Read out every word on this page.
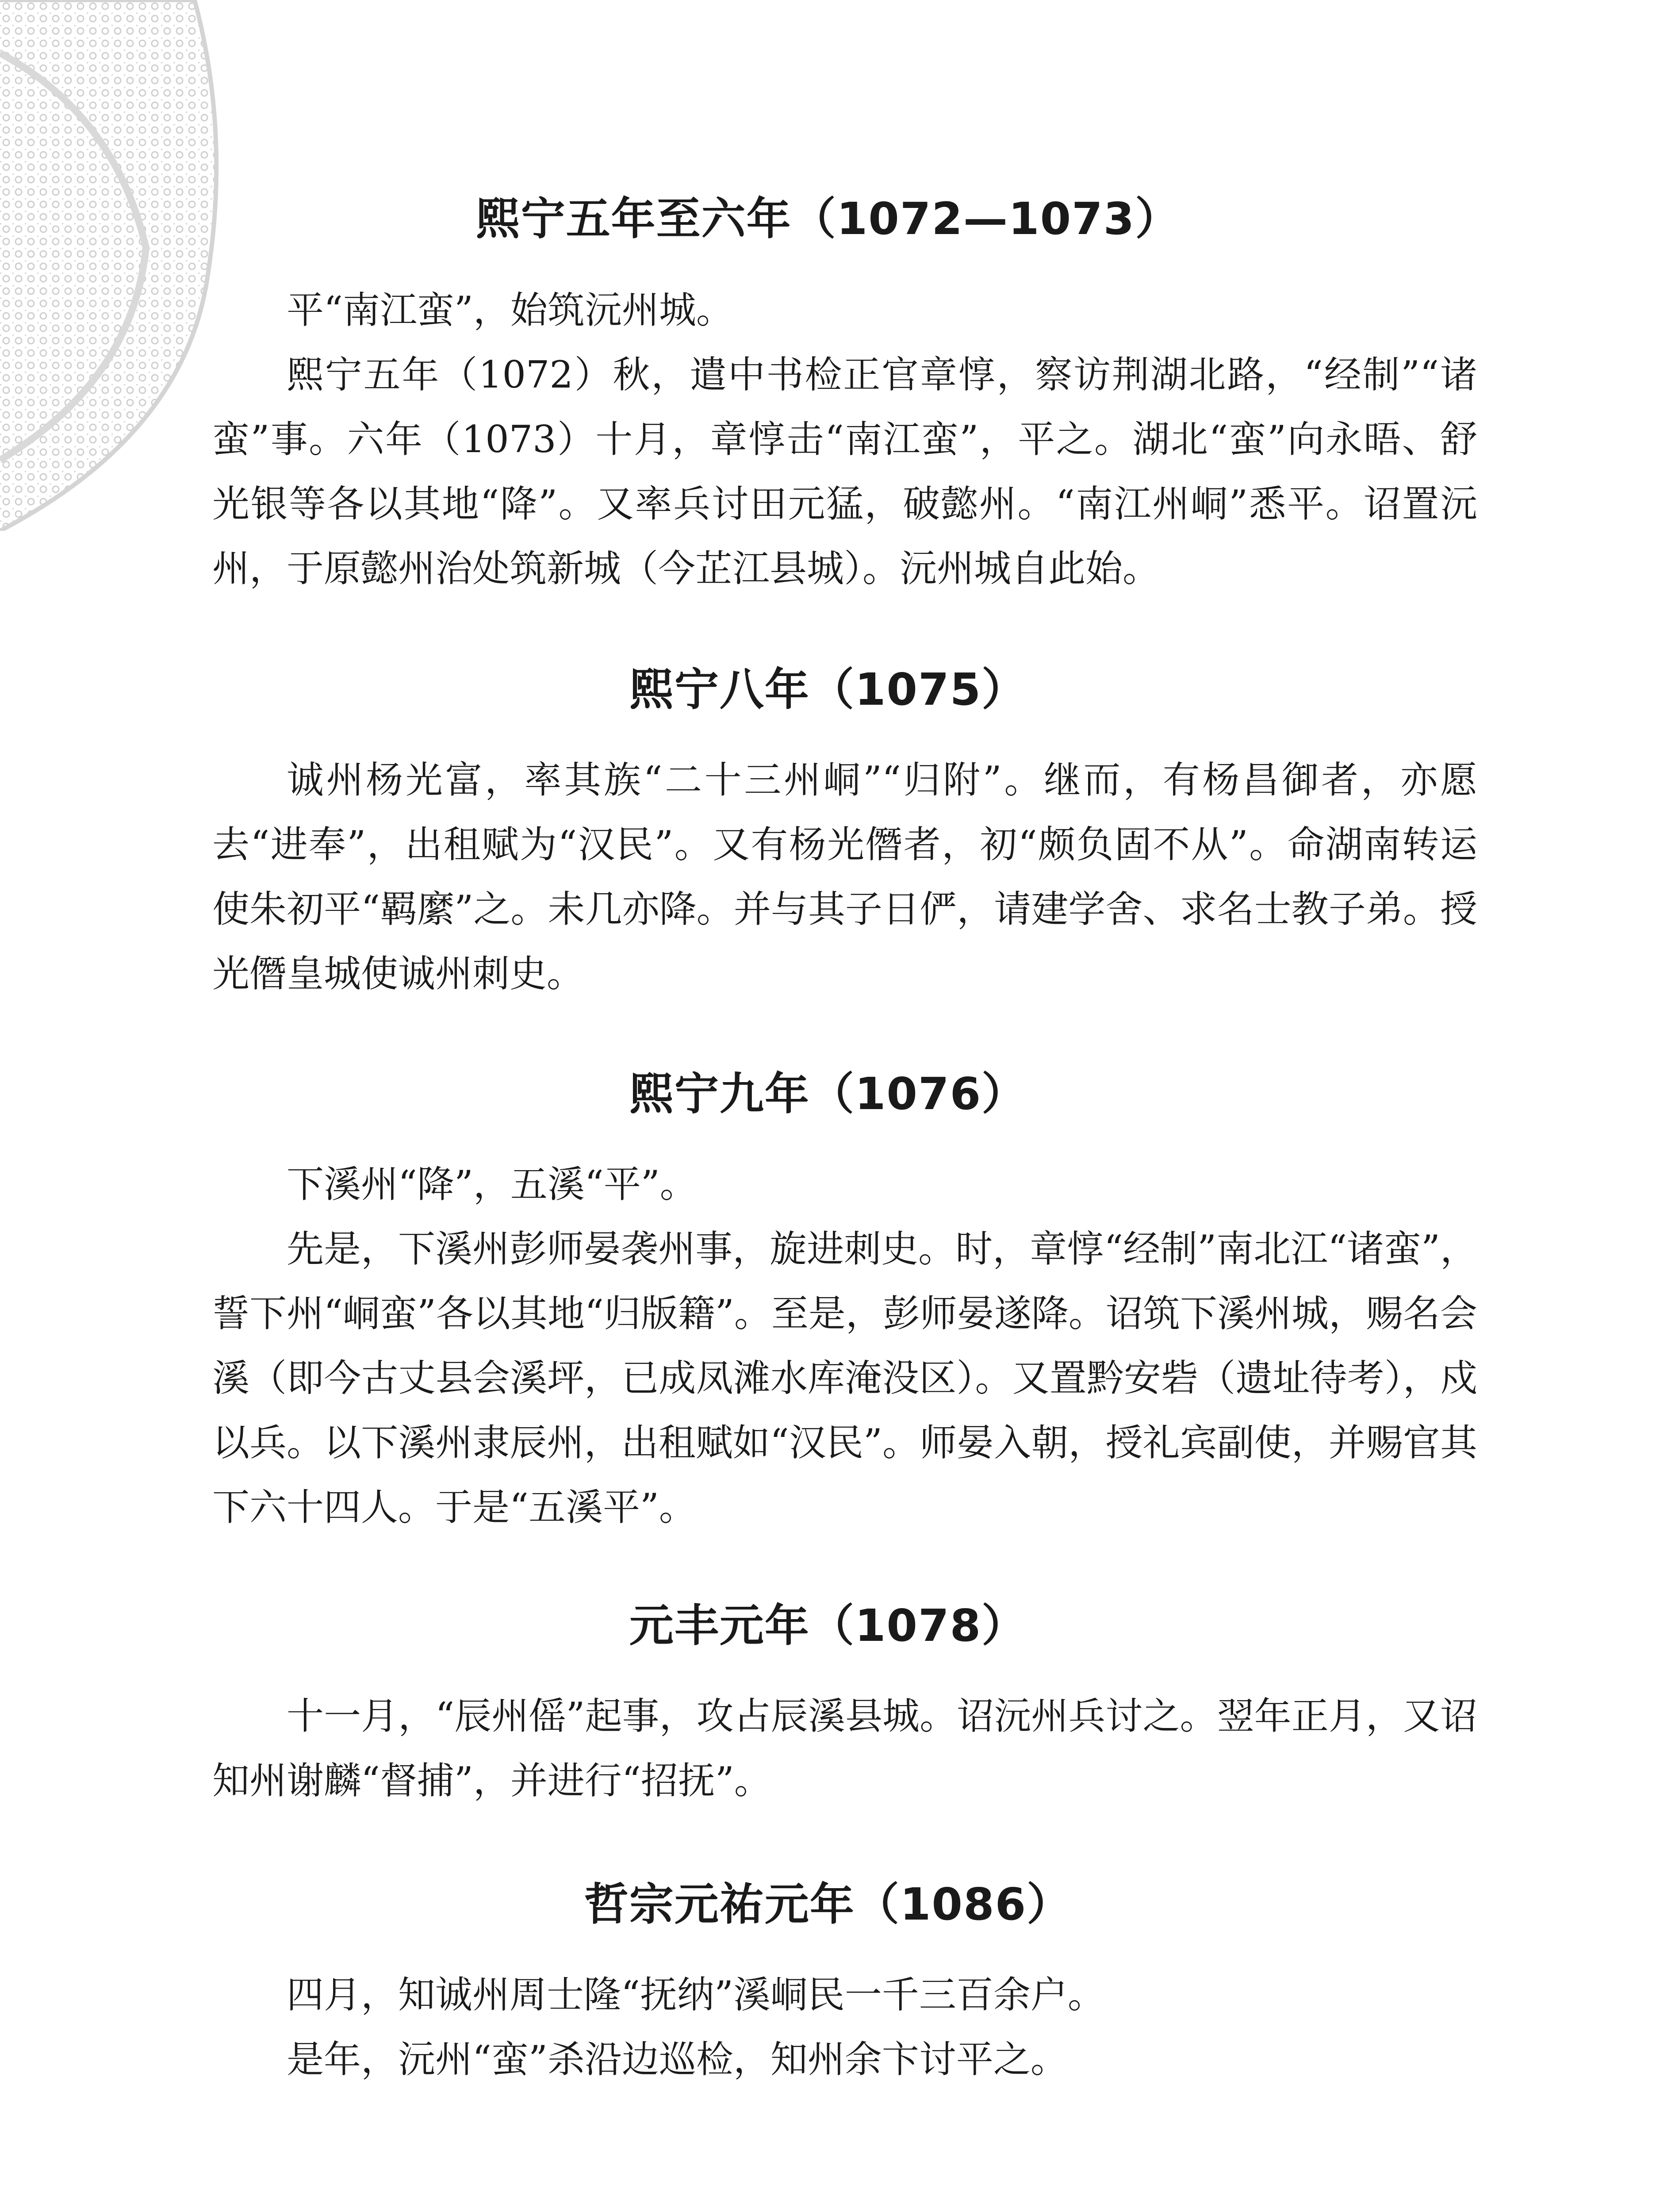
熙宁五年至六年（1072—1073）

平“南江蛮”，始筑沅州城。

熙宁五年（1072）秋，遣中书检正官章惇，察访荆湖北路，“经制”“诸蛮”事。六年（1073）十月，章惇击“南江蛮”，平之。湖北“蛮”向永晤、舒光银等各以其地“降”。又率兵讨田元猛，破懿州。“南江州峒”悉平。诏置沅州，于原懿州治处筑新城（今芷江县城）。沅州城自此始。

熙宁八年（1075）

诚州杨光富，率其族“二十三州峒”“归附”。继而，有杨昌御者，亦愿去“进奉”，出租赋为“汉民”。又有杨光僭者，初“颇负固不从”。命湖南转运使朱初平“羁縻”之。未几亦降。并与其子日俨，请建学舍、求名士教子弟。授光僭皇城使诚州刺史。

熙宁九年（1076）

下溪州“降”，五溪“平”。

先是，下溪州彭师晏袭州事，旋进刺史。时，章惇“经制”南北江“诸蛮”，誓下州“峒蛮”各以其地“归版籍”。至是，彭师晏遂降。诏筑下溪州城，赐名会溪（即今古丈县会溪坪，已成凤滩水库淹没区）。又置黔安砦（遗址待考），戍以兵。以下溪州隶辰州，出租赋如“汉民”。师晏入朝，授礼宾副使，并赐官其下六十四人。于是“五溪平”。

元丰元年（1078）

十一月，“辰州傜”起事，攻占辰溪县城。诏沅州兵讨之。翌年正月，又诏知州谢麟“督捕”，并进行“招抚”。

哲宗元祐元年（1086）

四月，知诚州周士隆“抚纳”溪峒民一千三百余户。

是年，沅州“蛮”杀沿边巡检，知州余卞讨平之。
